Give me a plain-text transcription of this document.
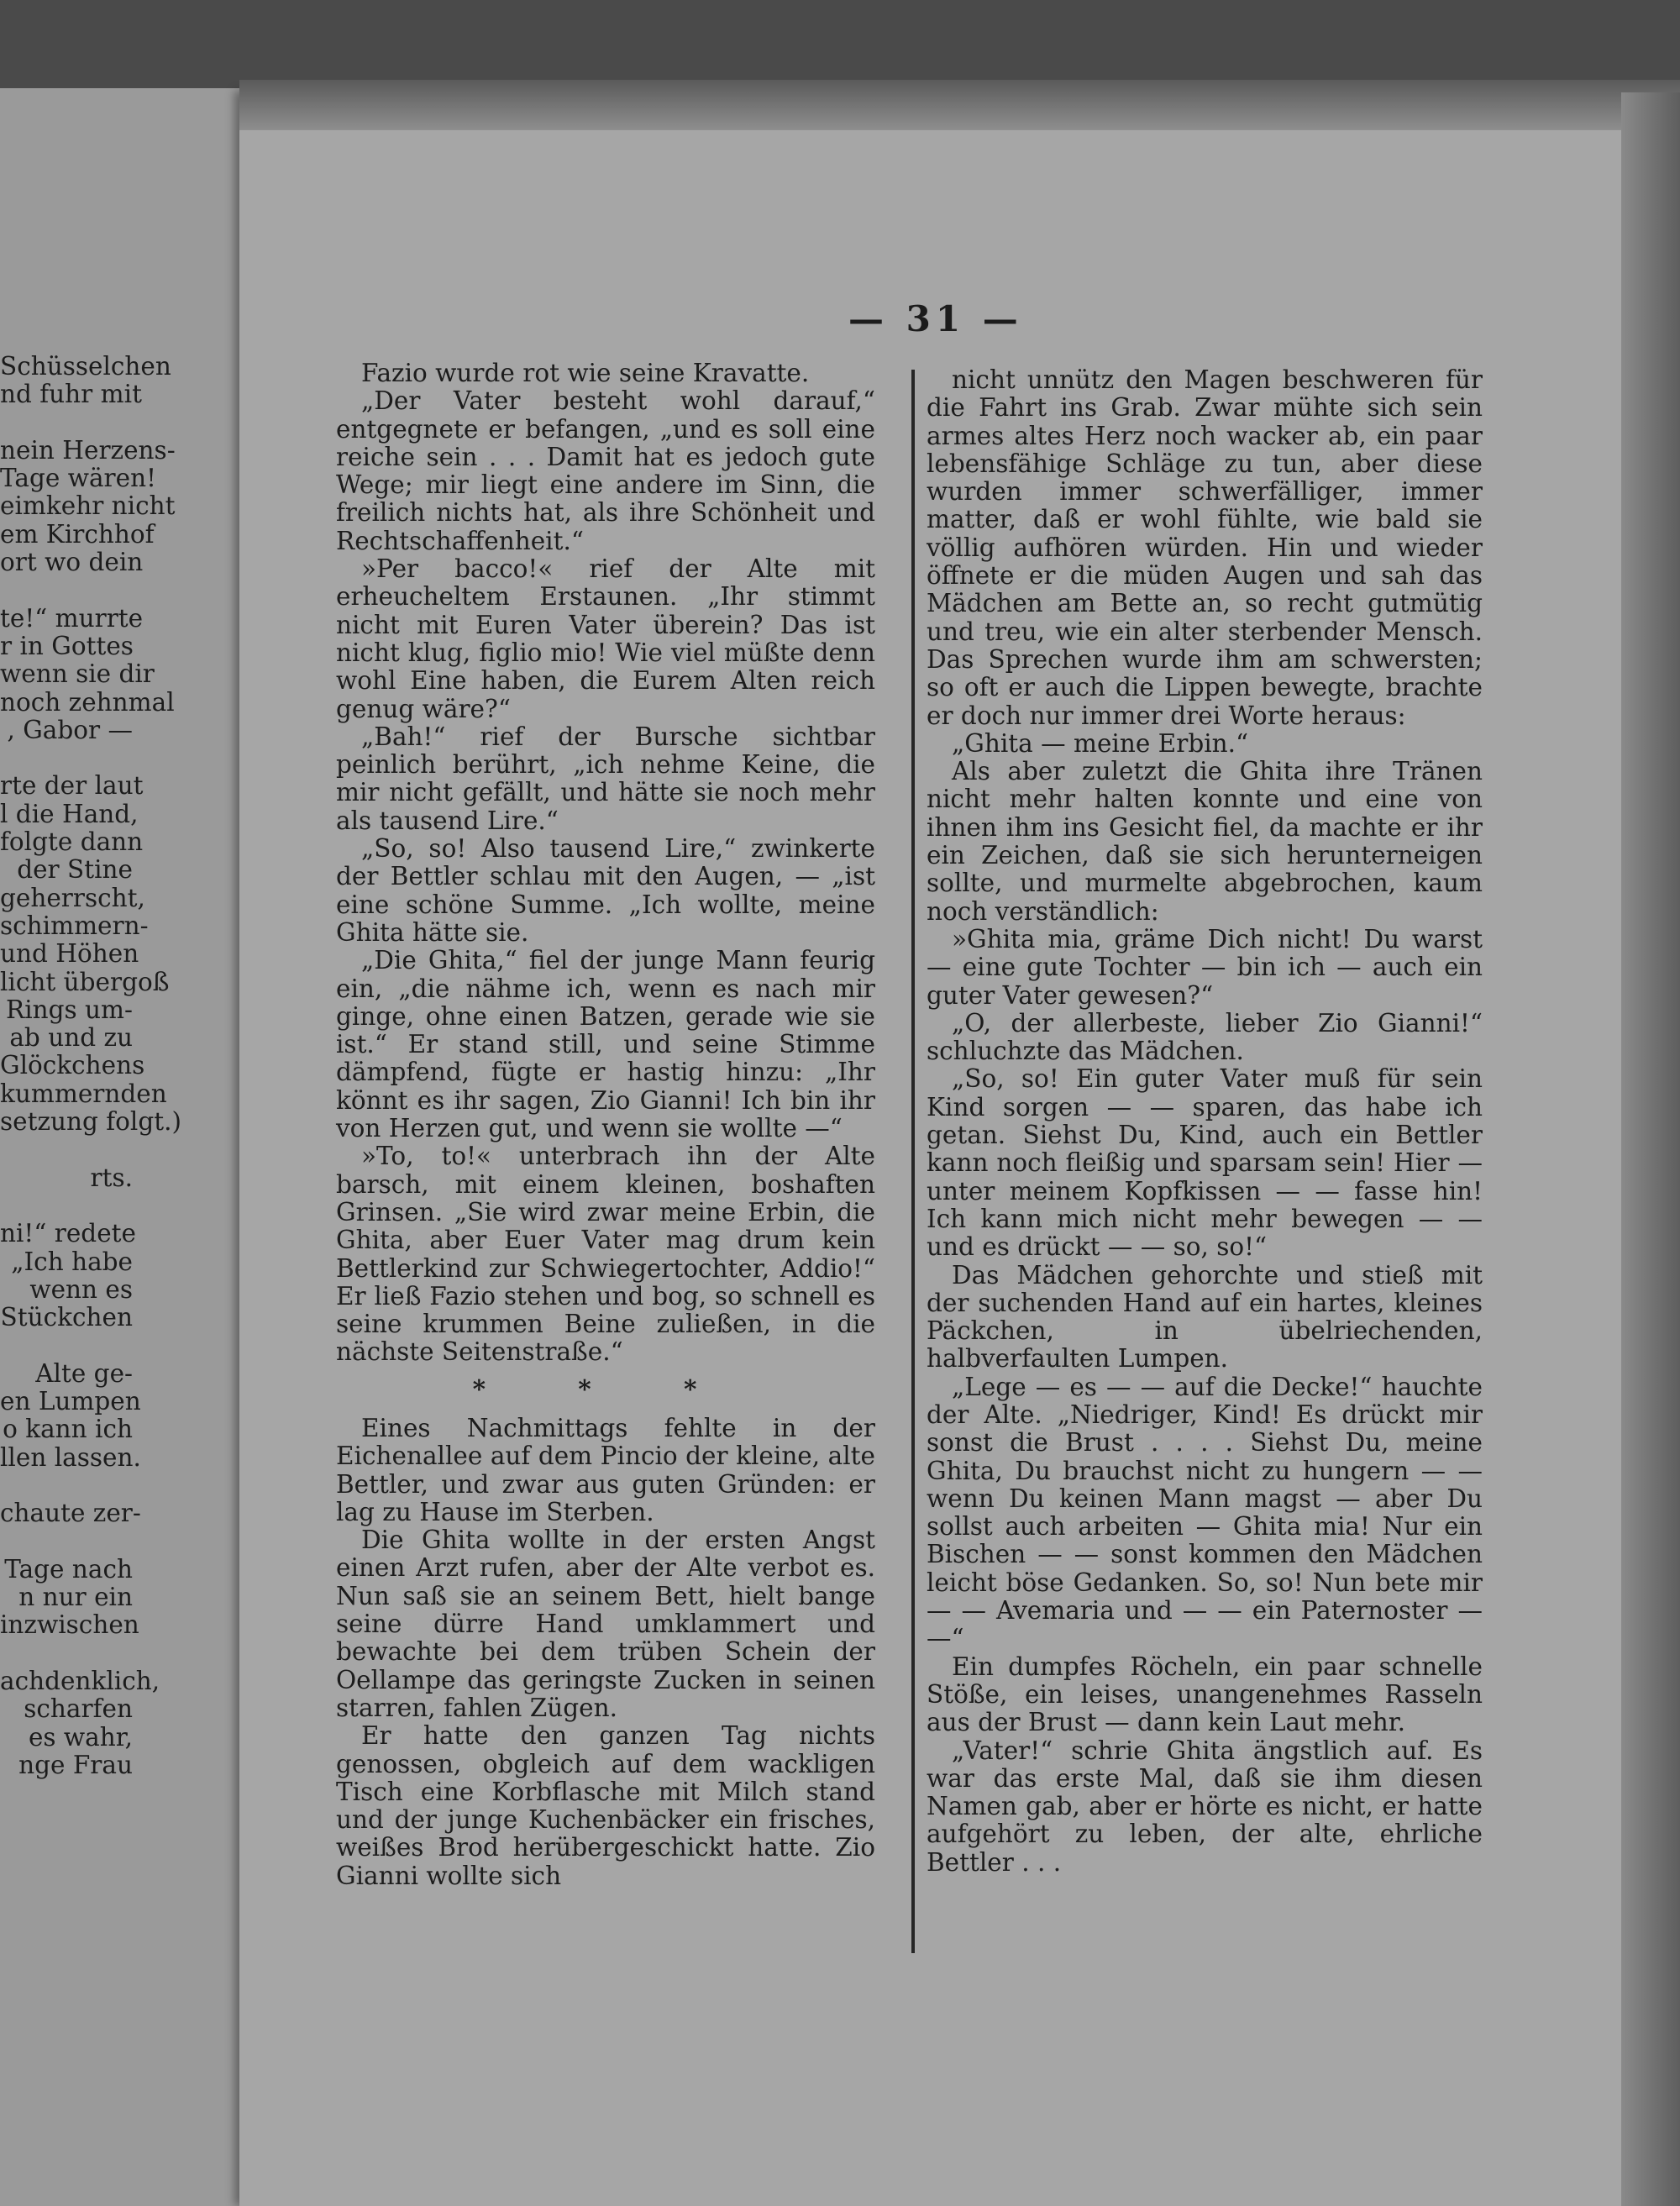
— 31 —
Schüsselchen
nd fuhr mit
nein Herzens-
Tage wären!
eimkehr nicht
em Kirchhof
ort wo dein
te!“ murrte
r in Gottes
wenn sie dir
noch zehnmal
, Gabor —
rte der laut
l die Hand,
folgte dann
der Stine
geherrscht,
schimmern-
und Höhen
licht übergoß
Rings um-
ab und zu
Glöckchens
kummernden
setzung folgt.)
rts.
ni!“ redete
„Ich habe
wenn es
Stückchen
Alte ge-
en Lumpen
o kann ich
llen lassen.
chaute zer-
Tage nach
n nur ein
inzwischen
achdenklich,
scharfen
es wahr,
nge Frau

Fazio wurde rot wie seine Kravatte.

„Der Vater besteht wohl darauf,“ entgegnete er befangen, „und es soll eine reiche sein . . . Damit hat es jedoch gute Wege; mir liegt eine andere im Sinn, die freilich nichts hat, als ihre Schönheit und Rechtschaffenheit.“

»Per bacco!« rief der Alte mit erheucheltem Erstaunen. „Ihr stimmt nicht mit Euren Vater überein? Das ist nicht klug, figlio mio! Wie viel müßte denn wohl Eine haben, die Eurem Alten reich genug wäre?“

„Bah!“ rief der Bursche sichtbar peinlich berührt, „ich nehme Keine, die mir nicht gefällt, und hätte sie noch mehr als tausend Lire.“

„So, so! Also tausend Lire,“ zwinkerte der Bettler schlau mit den Augen, — „ist eine schöne Summe. „Ich wollte, meine Ghita hätte sie.

„Die Ghita,“ fiel der junge Mann feurig ein, „die nähme ich, wenn es nach mir ginge, ohne einen Batzen, gerade wie sie ist.“ Er stand still, und seine Stimme dämpfend, fügte er hastig hinzu: „Ihr könnt es ihr sagen, Zio Gianni! Ich bin ihr von Herzen gut, und wenn sie wollte —“

»To, to!« unterbrach ihn der Alte barsch, mit einem kleinen, boshaften Grinsen. „Sie wird zwar meine Erbin, die Ghita, aber Euer Vater mag drum kein Bettlerkind zur Schwiegertochter, Addio!“ Er ließ Fazio stehen und bog, so schnell es seine krummen Beine zuließen, in die nächste Seitenstraße.“

* * *

Eines Nachmittags fehlte in der Eichenallee auf dem Pincio der kleine, alte Bettler, und zwar aus guten Gründen: er lag zu Hause im Sterben.

Die Ghita wollte in der ersten Angst einen Arzt rufen, aber der Alte verbot es. Nun saß sie an seinem Bett, hielt bange seine dürre Hand umklammert und bewachte bei dem trüben Schein der Oellampe das geringste Zucken in seinen starren, fahlen Zügen.

Er hatte den ganzen Tag nichts genossen, obgleich auf dem wackligen Tisch eine Korbflasche mit Milch stand und der junge Kuchenbäcker ein frisches, weißes Brod herübergeschickt hatte. Zio Gianni wollte sich

nicht unnütz den Magen beschweren für die Fahrt ins Grab. Zwar mühte sich sein armes altes Herz noch wacker ab, ein paar lebensfähige Schläge zu tun, aber diese wurden immer schwerfälliger, immer matter, daß er wohl fühlte, wie bald sie völlig aufhören würden. Hin und wieder öffnete er die müden Augen und sah das Mädchen am Bette an, so recht gutmütig und treu, wie ein alter sterbender Mensch. Das Sprechen wurde ihm am schwersten; so oft er auch die Lippen bewegte, brachte er doch nur immer drei Worte heraus:

„Ghita — meine Erbin.“

Als aber zuletzt die Ghita ihre Tränen nicht mehr halten konnte und eine von ihnen ihm ins Gesicht fiel, da machte er ihr ein Zeichen, daß sie sich herunterneigen sollte, und murmelte abgebrochen, kaum noch verständlich:

»Ghita mia, gräme Dich nicht! Du warst — eine gute Tochter — bin ich — auch ein guter Vater gewesen?“

„O, der allerbeste, lieber Zio Gianni!“ schluchzte das Mädchen.

„So, so! Ein guter Vater muß für sein Kind sorgen — — sparen, das habe ich getan. Siehst Du, Kind, auch ein Bettler kann noch fleißig und sparsam sein! Hier — unter meinem Kopfkissen — — fasse hin! Ich kann mich nicht mehr bewegen — — und es drückt — — so, so!“

Das Mädchen gehorchte und stieß mit der suchenden Hand auf ein hartes, kleines Päckchen, in übelriechenden, halbverfaulten Lumpen.

„Lege — es — — auf die Decke!“ hauchte der Alte. „Niedriger, Kind! Es drückt mir sonst die Brust . . . . Siehst Du, meine Ghita, Du brauchst nicht zu hungern — — wenn Du keinen Mann magst — aber Du sollst auch arbeiten — Ghita mia! Nur ein Bischen — — sonst kommen den Mädchen leicht böse Gedanken. So, so! Nun bete mir — — Avemaria und — — ein Paternoster — —“

Ein dumpfes Röcheln, ein paar schnelle Stöße, ein leises, unangenehmes Rasseln aus der Brust — dann kein Laut mehr.

„Vater!“ schrie Ghita ängstlich auf. Es war das erste Mal, daß sie ihm diesen Namen gab, aber er hörte es nicht, er hatte aufgehört zu leben, der alte, ehrliche Bettler . . .
